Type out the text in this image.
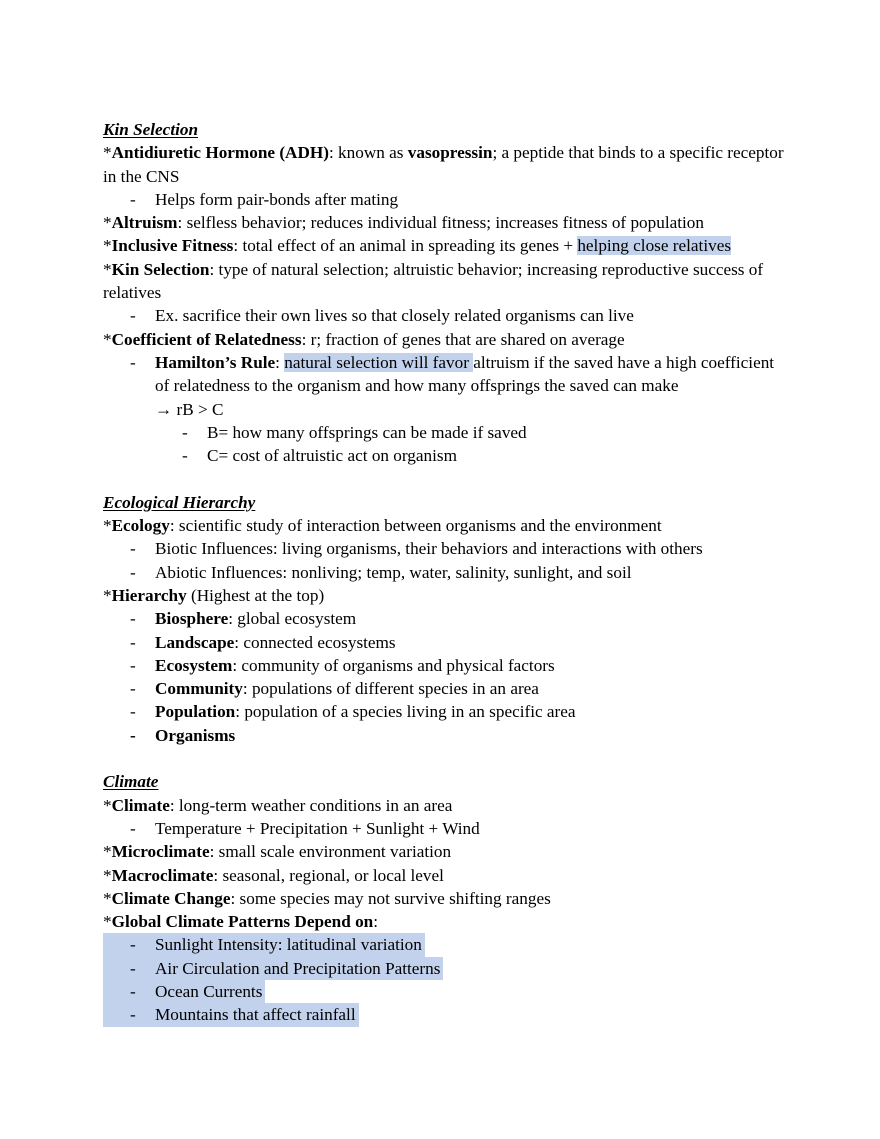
Kin Selection
*Antidiuretic Hormone (ADH): known as vasopressin; a peptide that binds to a specific receptor in the CNS
- Helps form pair-bonds after mating
*Altruism: selfless behavior; reduces individual fitness; increases fitness of population
*Inclusive Fitness: total effect of an animal in spreading its genes + helping close relatives
*Kin Selection: type of natural selection; altruistic behavior; increasing reproductive success of relatives
- Ex. sacrifice their own lives so that closely related organisms can live
*Coefficient of Relatedness: r; fraction of genes that are shared on average
- Hamilton’s Rule: natural selection will favor altruism if the saved have a high coefficient of relatedness to the organism and how many offsprings the saved can make
→ rB > C
- B= how many offsprings can be made if saved
- C= cost of altruistic act on organism
Ecological Hierarchy
*Ecology: scientific study of interaction between organisms and the environment
- Biotic Influences: living organisms, their behaviors and interactions with others
- Abiotic Influences: nonliving; temp, water, salinity, sunlight, and soil
*Hierarchy (Highest at the top)
- Biosphere: global ecosystem
- Landscape: connected ecosystems
- Ecosystem: community of organisms and physical factors
- Community: populations of different species in an area
- Population: population of a species living in an specific area
- Organisms
Climate
*Climate: long-term weather conditions in an area
- Temperature + Precipitation + Sunlight + Wind
*Microclimate: small scale environment variation
*Macroclimate: seasonal, regional, or local level
*Climate Change: some species may not survive shifting ranges
*Global Climate Patterns Depend on:
- Sunlight Intensity: latitudinal variation
- Air Circulation and Precipitation Patterns
- Ocean Currents
- Mountains that affect rainfall
